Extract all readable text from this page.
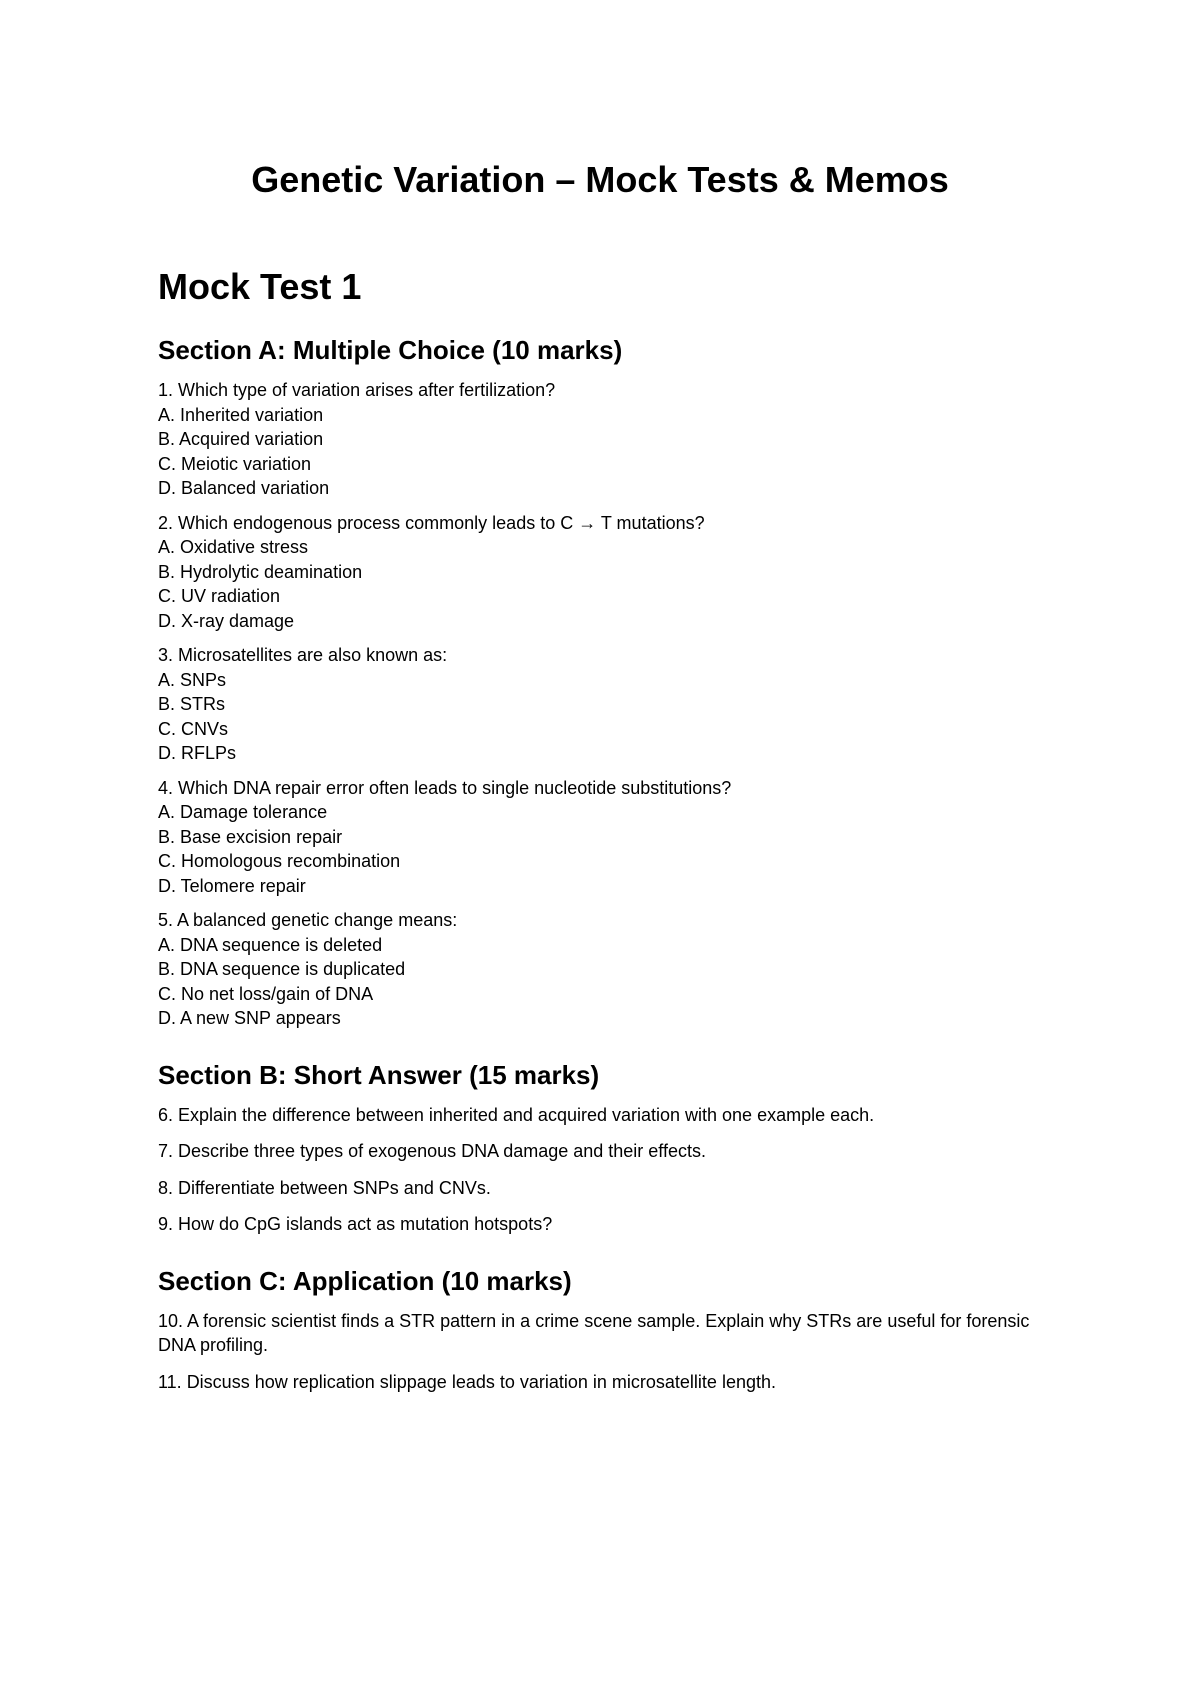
Genetic Variation – Mock Tests & Memos
Mock Test 1
Section A: Multiple Choice (10 marks)

1. Which type of variation arises after fertilization?

A. Inherited variation

B. Acquired variation

C. Meiotic variation

D. Balanced variation

2. Which endogenous process commonly leads to C → T mutations?

A. Oxidative stress

B. Hydrolytic deamination

C. UV radiation

D. X-ray damage

3. Microsatellites are also known as:

A. SNPs

B. STRs

C. CNVs

D. RFLPs

4. Which DNA repair error often leads to single nucleotide substitutions?

A. Damage tolerance

B. Base excision repair

C. Homologous recombination

D. Telomere repair

5. A balanced genetic change means:

A. DNA sequence is deleted

B. DNA sequence is duplicated

C. No net loss/gain of DNA

D. A new SNP appears

Section B: Short Answer (15 marks)

6. Explain the difference between inherited and acquired variation with one example each.

7. Describe three types of exogenous DNA damage and their effects.

8. Differentiate between SNPs and CNVs.

9. How do CpG islands act as mutation hotspots?

Section C: Application (10 marks)

10. A forensic scientist finds a STR pattern in a crime scene sample. Explain why STRs are useful for forensic DNA profiling.

11. Discuss how replication slippage leads to variation in microsatellite length.
